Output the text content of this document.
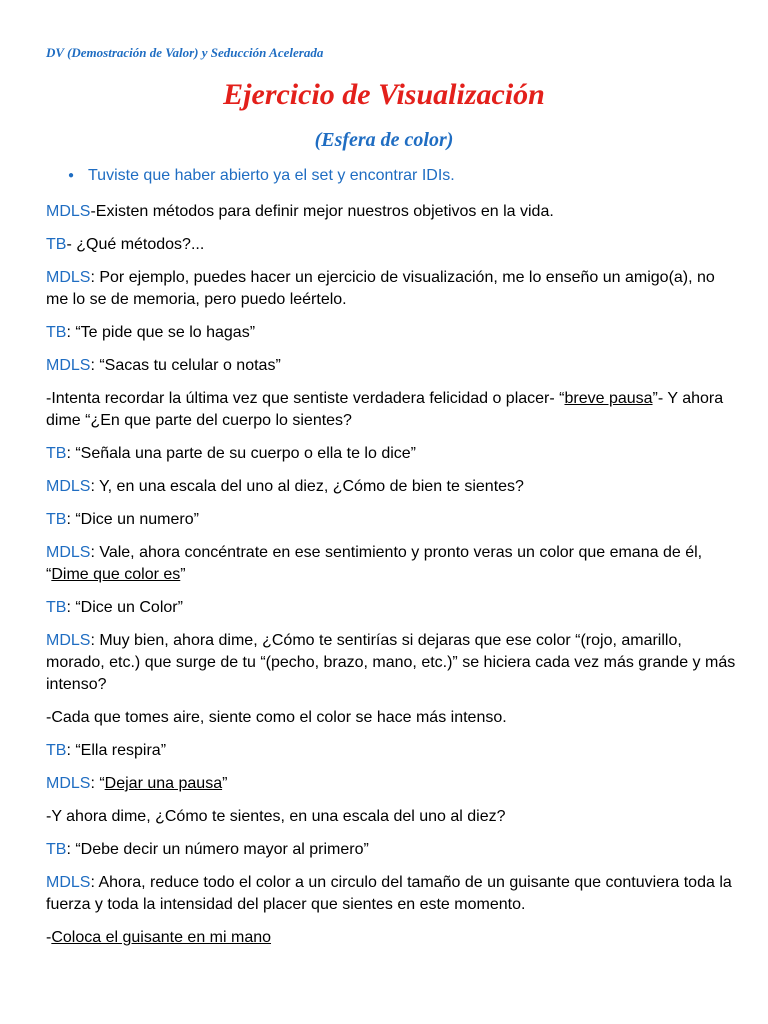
DV (Demostración de Valor) y Seducción Acelerada
Ejercicio de Visualización
(Esfera de color)
● Tuviste que haber abierto ya el set y encontrar IDIs.

MDLS-Existen métodos para definir mejor nuestros objetivos en la vida.

TB- ¿Qué métodos?...

MDLS: Por ejemplo, puedes hacer un ejercicio de visualización, me lo enseño un amigo(a), no me lo se de memoria, pero puedo leértelo.

TB: “Te pide que se lo hagas”

MDLS: “Sacas tu celular o notas”

-Intenta recordar la última vez que sentiste verdadera felicidad o placer- “breve pausa”- Y ahora dime “¿En que parte del cuerpo lo sientes?

TB: “Señala una parte de su cuerpo o ella te lo dice”

MDLS: Y, en una escala del uno al diez, ¿Cómo de bien te sientes?

TB: “Dice un numero”

MDLS: Vale, ahora concéntrate en ese sentimiento y pronto veras un color que emana de él, “Dime que color es”

TB: “Dice un Color”

MDLS: Muy bien, ahora dime, ¿Cómo te sentirías si dejaras que ese color “(rojo, amarillo, morado, etc.) que surge de tu “(pecho, brazo, mano, etc.)” se hiciera cada vez más grande y más intenso?

-Cada que tomes aire, siente como el color se hace más intenso.

TB: “Ella respira”

MDLS: “Dejar una pausa”

-Y ahora dime, ¿Cómo te sientes, en una escala del uno al diez?

TB: “Debe decir un número mayor al primero”

MDLS: Ahora, reduce todo el color a un circulo del tamaño de un guisante que contuviera toda la fuerza y toda la intensidad del placer que sientes en este momento.

-Coloca el guisante en mi mano
